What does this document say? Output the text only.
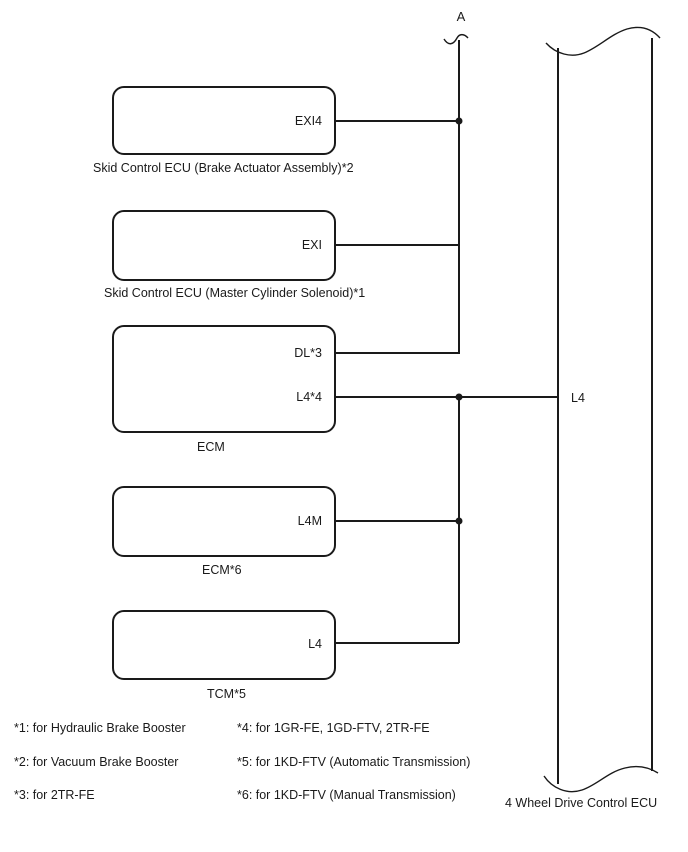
A
EXI4
Skid Control ECU (Brake Actuator Assembly)*2
EXI
Skid Control ECU (Master Cylinder Solenoid)*1
DL*3
L4*4
ECM
L4M
ECM*6
L4
TCM*5
L4
4 Wheel Drive Control ECU
*1: for Hydraulic Brake Booster
*2: for Vacuum Brake Booster
*3: for 2TR-FE
*4: for 1GR-FE, 1GD-FTV, 2TR-FE
*5: for 1KD-FTV (Automatic Transmission)
*6: for 1KD-FTV (Manual Transmission)
